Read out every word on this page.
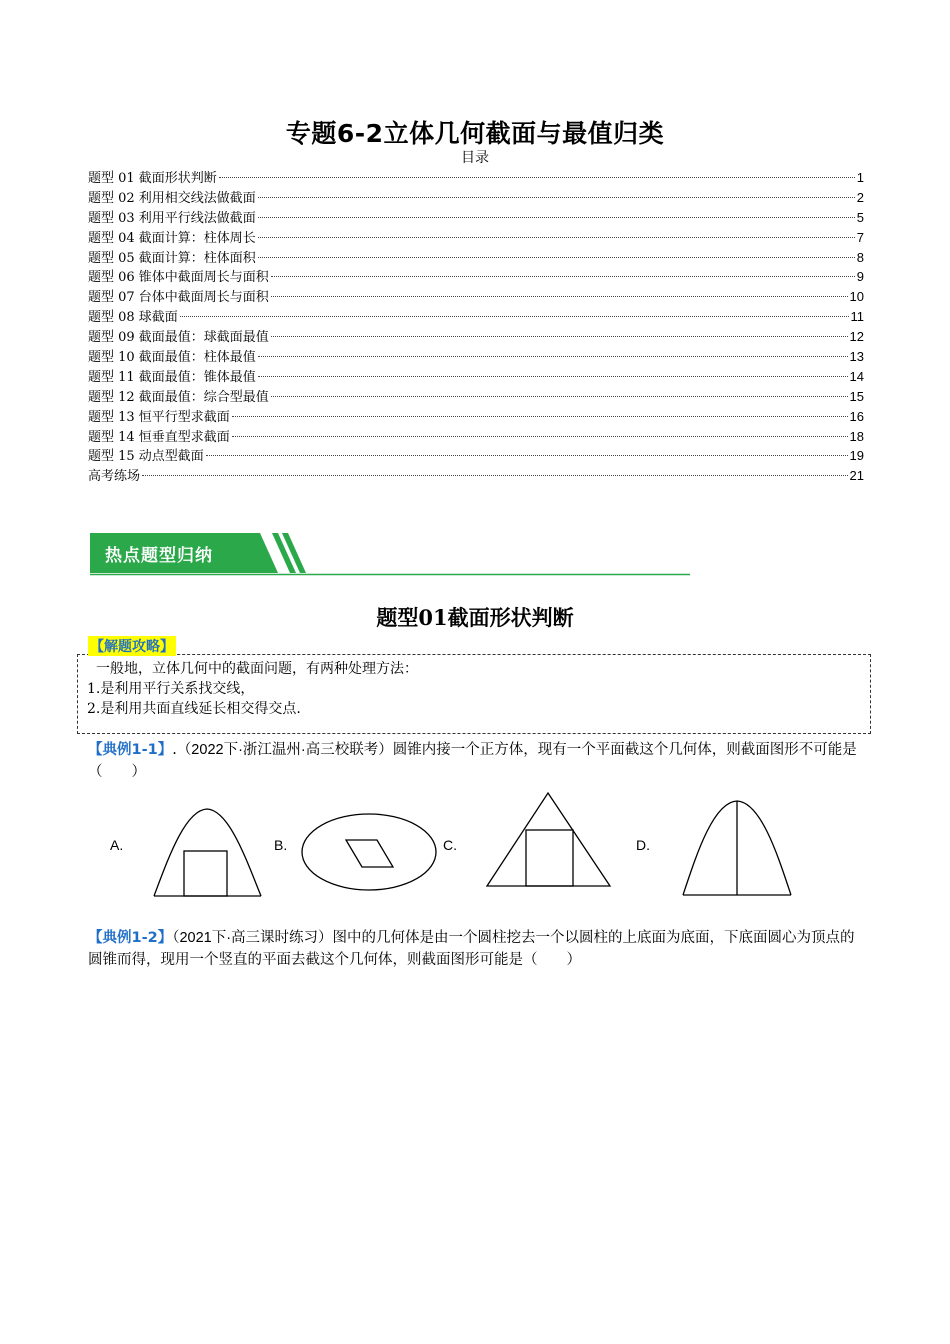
专题6-2立体几何截面与最值归类
目录
题型 01 截面形状判断	1
题型 02 利用相交线法做截面	2
题型 03 利用平行线法做截面	5
题型 04 截面计算：柱体周长	7
题型 05 截面计算：柱体面积	8
题型 06 锥体中截面周长与面积	9
题型 07 台体中截面周长与面积	10
题型 08 球截面	11
题型 09 截面最值：球截面最值	12
题型 10 截面最值：柱体最值	13
题型 11 截面最值：锥体最值	14
题型 12 截面最值：综合型最值	15
题型 13 恒平行型求截面	16
题型 14 恒垂直型求截面	18
题型 15 动点型截面	19
高考练场	21
热点题型归纳
题型01截面形状判断
【解题攻略】
一般地，立体几何中的截面问题，有两种处理方法：
1.是利用平行关系找交线，
2.是利用共面直线延长相交得交点.
【典例1-1】.（2022下·浙江温州·高三校联考）圆锥内接一个正方体，现有一个平面截这个几何体，则截面图形不可能是（　　）
A.	B.	C.	D.
【典例1-2】（2021下·高三课时练习）图中的几何体是由一个圆柱挖去一个以圆柱的上底面为底面，下底面圆心为顶点的圆锥而得，现用一个竖直的平面去截这个几何体，则截面图形可能是（　　）
